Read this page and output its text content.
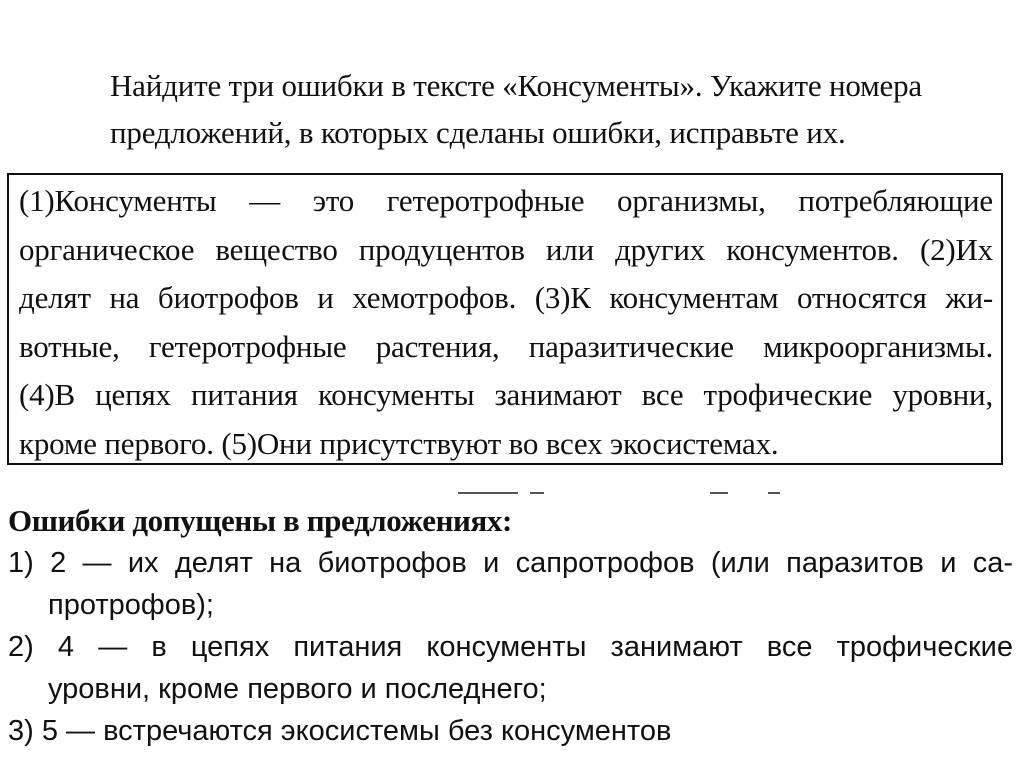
Найдите три ошибки в тексте «Консументы». Укажите номера
предложений, в которых сделаны ошибки, исправьте их.
(1)Консументы — это гетеротрофные организмы, потребляющие
органическое вещество продуцентов или других консументов. (2)Их
делят на биотрофов и хемотрофов. (3)К консументам относятся жи-
вотные, гетеротрофные растения, паразитические микроорганизмы.
(4)В цепях питания консументы занимают все трофические уровни,
кроме первого. (5)Они присутствуют во всех экосистемах.
Ошибки допущены в предложениях:
1) 2 — их делят на биотрофов и сапротрофов (или паразитов и са-
протрофов);
2) 4 — в цепях питания консументы занимают все трофические
уровни, кроме первого и последнего;
3) 5 — встречаются экосистемы без консументов
